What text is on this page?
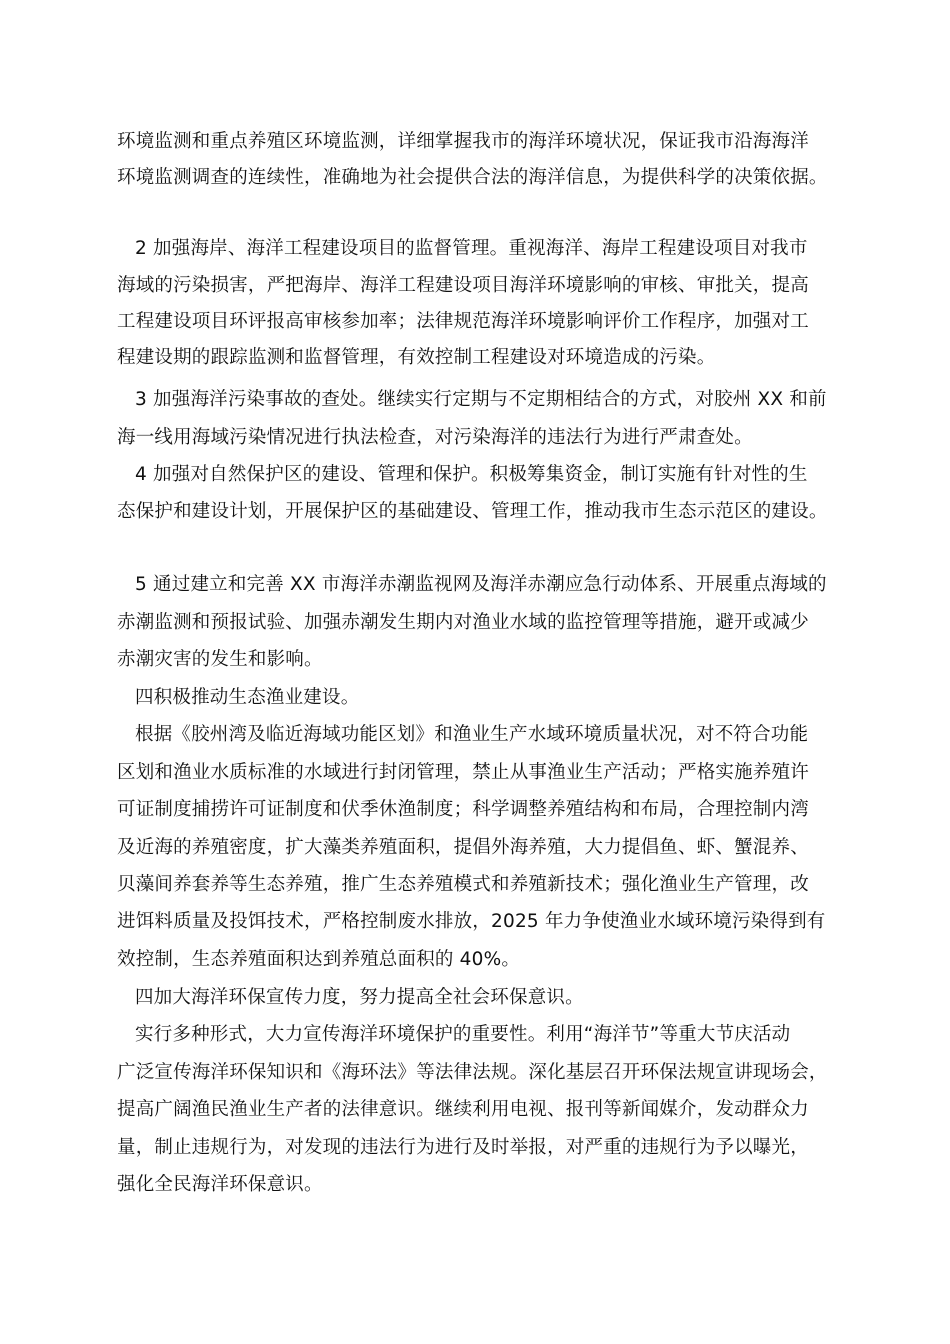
环境监测和重点养殖区环境监测，详细掌握我市的海洋环境状况，保证我市沿海海洋
环境监测调查的连续性，准确地为社会提供合法的海洋信息，为提供科学的决策依据。
2 加强海岸、海洋工程建设项目的监督管理。重视海洋、海岸工程建设项目对我市
海域的污染损害，严把海岸、海洋工程建设项目海洋环境影响的审核、审批关，提高
工程建设项目环评报高审核参加率；法律规范海洋环境影响评价工作程序，加强对工
程建设期的跟踪监测和监督管理，有效控制工程建设对环境造成的污染。
3 加强海洋污染事故的查处。继续实行定期与不定期相结合的方式，对胶州 XX 和前
海一线用海域污染情况进行执法检查，对污染海洋的违法行为进行严肃查处。
4 加强对自然保护区的建设、管理和保护。积极筹集资金，制订实施有针对性的生
态保护和建设计划，开展保护区的基础建设、管理工作，推动我市生态示范区的建设。
5 通过建立和完善 XX 市海洋赤潮监视网及海洋赤潮应急行动体系、开展重点海域的
赤潮监测和预报试验、加强赤潮发生期内对渔业水域的监控管理等措施，避开或减少
赤潮灾害的发生和影响。
四积极推动生态渔业建设。
根据《胶州湾及临近海域功能区划》和渔业生产水域环境质量状况，对不符合功能
区划和渔业水质标准的水域进行封闭管理，禁止从事渔业生产活动；严格实施养殖许
可证制度捕捞许可证制度和伏季休渔制度；科学调整养殖结构和布局，合理控制内湾
及近海的养殖密度，扩大藻类养殖面积，提倡外海养殖，大力提倡鱼、虾、蟹混养、
贝藻间养套养等生态养殖，推广生态养殖模式和养殖新技术；强化渔业生产管理，改
进饵料质量及投饵技术，严格控制废水排放，2025 年力争使渔业水域环境污染得到有
效控制，生态养殖面积达到养殖总面积的 40%。
四加大海洋环保宣传力度，努力提高全社会环保意识。
实行多种形式，大力宣传海洋环境保护的重要性。利用“海洋节”等重大节庆活动
广泛宣传海洋环保知识和《海环法》等法律法规。深化基层召开环保法规宣讲现场会，
提高广阔渔民渔业生产者的法律意识。继续利用电视、报刊等新闻媒介，发动群众力
量，制止违规行为，对发现的违法行为进行及时举报，对严重的违规行为予以曝光，
强化全民海洋环保意识。
